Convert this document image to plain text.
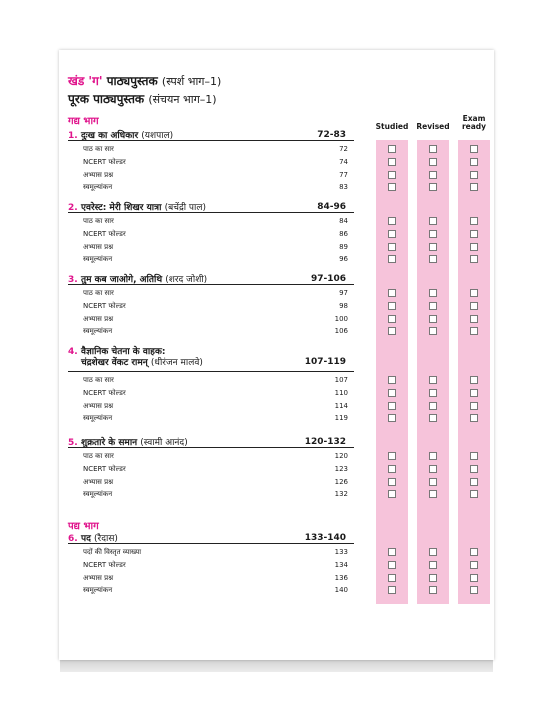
खंड 'ग' पाठ्यपुस्तक (स्पर्श भाग–1)
पूरक पाठ्यपुस्तक (संचयन भाग–1)
गद्य भाग
1. दुःख का अधिकार (यशपाल)	72-83
पाठ का सार	72
NCERT फोल्डर	74
अभ्यास प्रश्न	77
स्वमूल्यांकन	83
2. एवरेस्ट: मेरी शिखर यात्रा (बचेंद्री पाल)	84-96
पाठ का सार	84
NCERT फोल्डर	86
अभ्यास प्रश्न	89
स्वमूल्यांकन	96
3. तुम कब जाओगे, अतिथि (शरद जोशी)	97-106
पाठ का सार	97
NCERT फोल्डर	98
अभ्यास प्रश्न	100
स्वमूल्यांकन	106
4. वैज्ञानिक चेतना के वाहक:
चंद्रशेखर वेंकट रामन् (धीरंजन मालवे)	107-119
पाठ का सार	107
NCERT फोल्डर	110
अभ्यास प्रश्न	114
स्वमूल्यांकन	119
5. शुक्रतारे के समान (स्वामी आनंद)	120-132
पाठ का सार	120
NCERT फोल्डर	123
अभ्यास प्रश्न	126
स्वमूल्यांकन	132
पद्य भाग
6. पद (रैदास)	133-140
पदों की विस्तृत व्याख्या	133
NCERT फोल्डर	134
अभ्यास प्रश्न	136
स्वमूल्यांकन	140
Studied	Revised
Exam
ready
